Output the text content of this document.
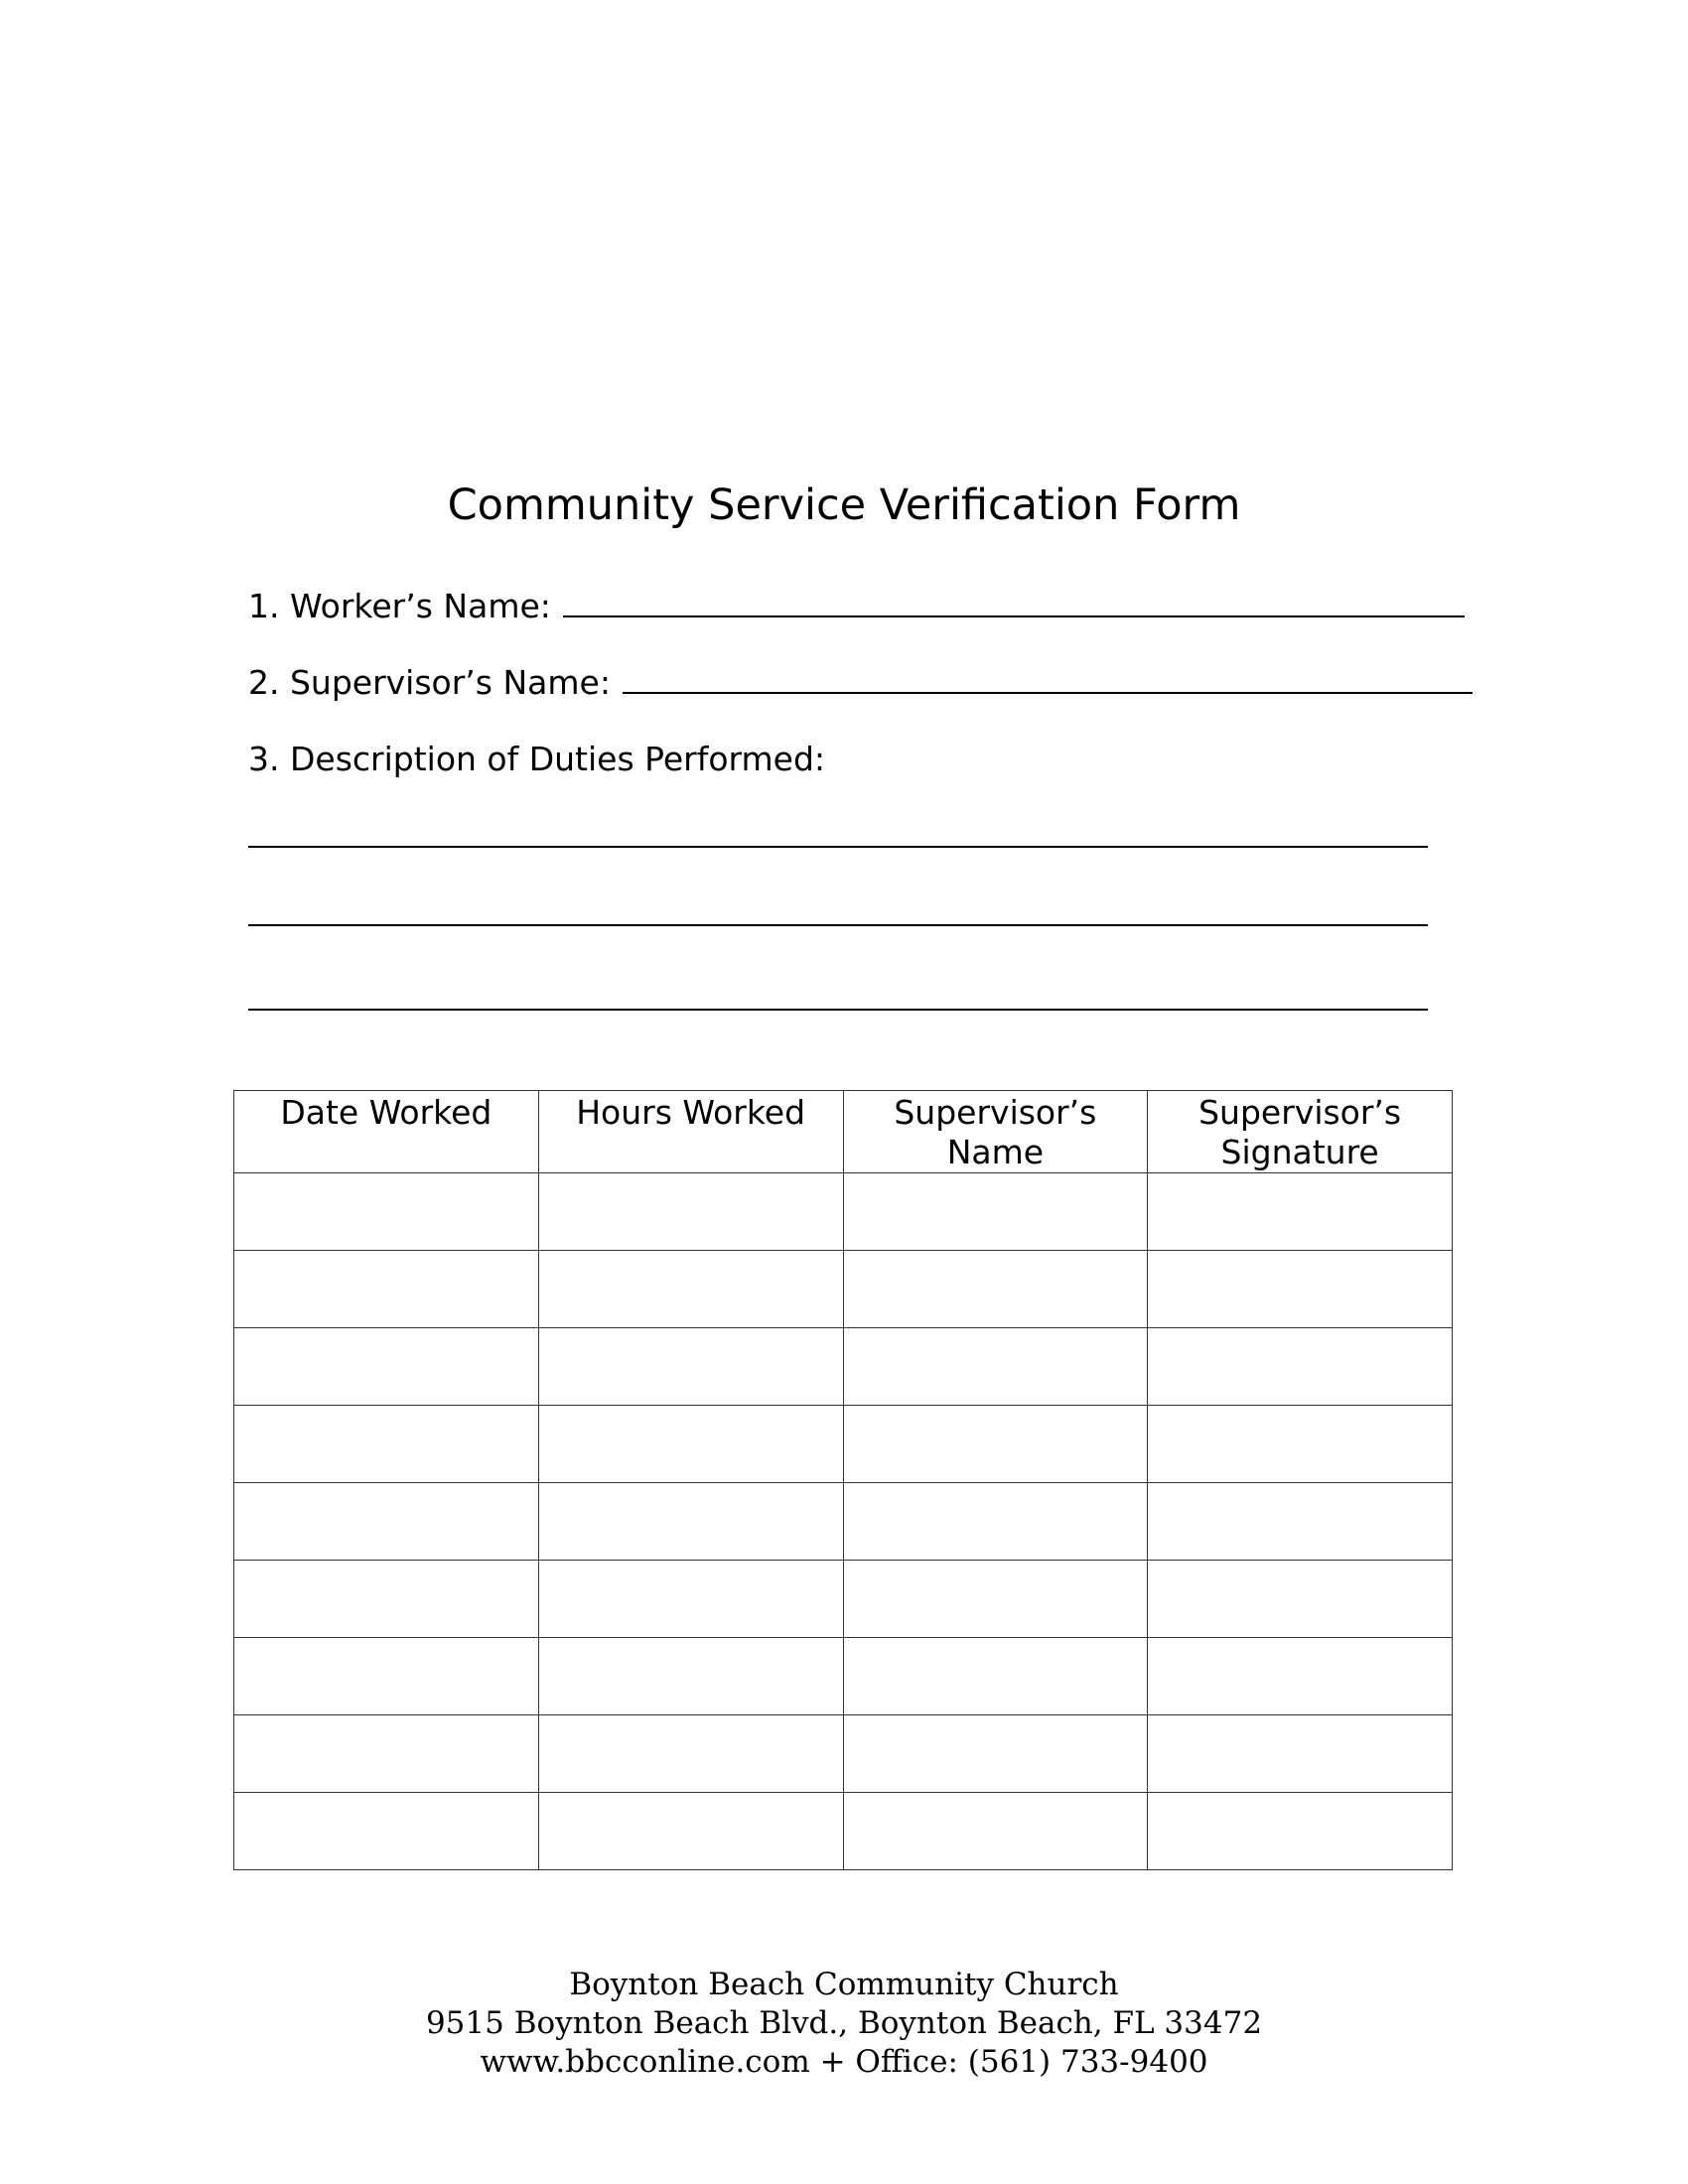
Community Service Verification Form
1. Worker’s Name:
2. Supervisor’s Name:
3. Description of Duties Performed:
Date Worked	Hours Worked	Supervisor’s Name	Supervisor’s
Signature

Boynton Beach Community Church
9515 Boynton Beach Blvd., Boynton Beach, FL 33472
www.bbcconline.com + Office: (561) 733-9400
